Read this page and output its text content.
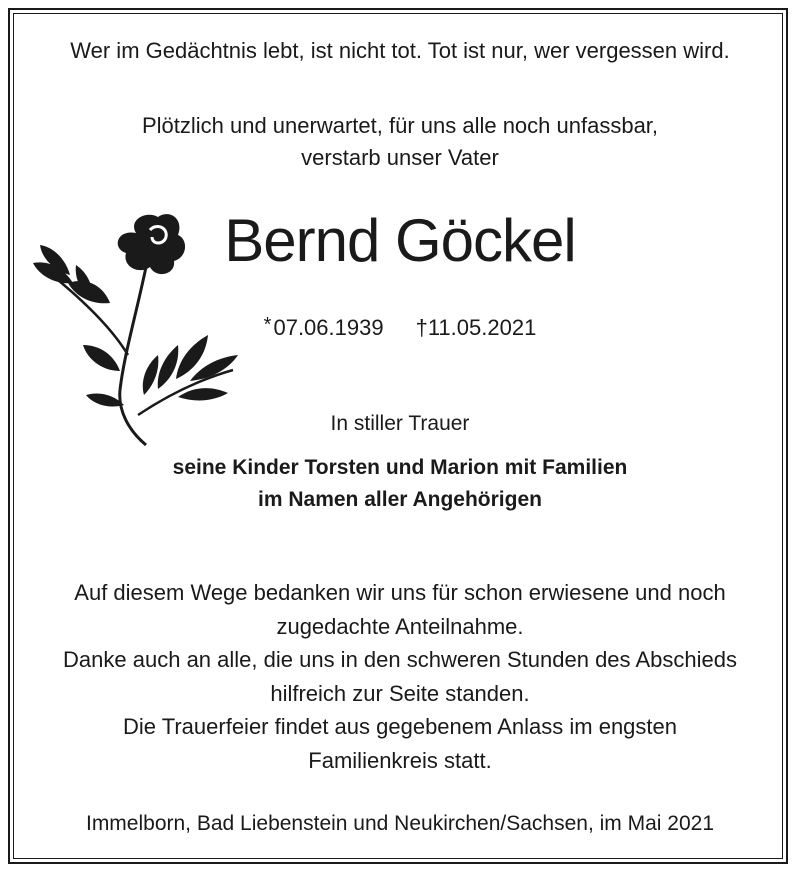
Wer im Gedächtnis lebt, ist nicht tot. Tot ist nur, wer vergessen wird.
Plötzlich und unerwartet, für uns alle noch unfassbar,
verstarb unser Vater
Bernd Göckel
*07.06.1939 †11.05.2021
In stiller Trauer
seine Kinder Torsten und Marion mit Familien
im Namen aller Angehörigen
Auf diesem Wege bedanken wir uns für schon erwiesene und noch
zugedachte Anteilnahme.
Danke auch an alle, die uns in den schweren Stunden des Abschieds
hilfreich zur Seite standen.
Die Trauerfeier findet aus gegebenem Anlass im engsten
Familienkreis statt.
Immelborn, Bad Liebenstein und Neukirchen/Sachsen, im Mai 2021
